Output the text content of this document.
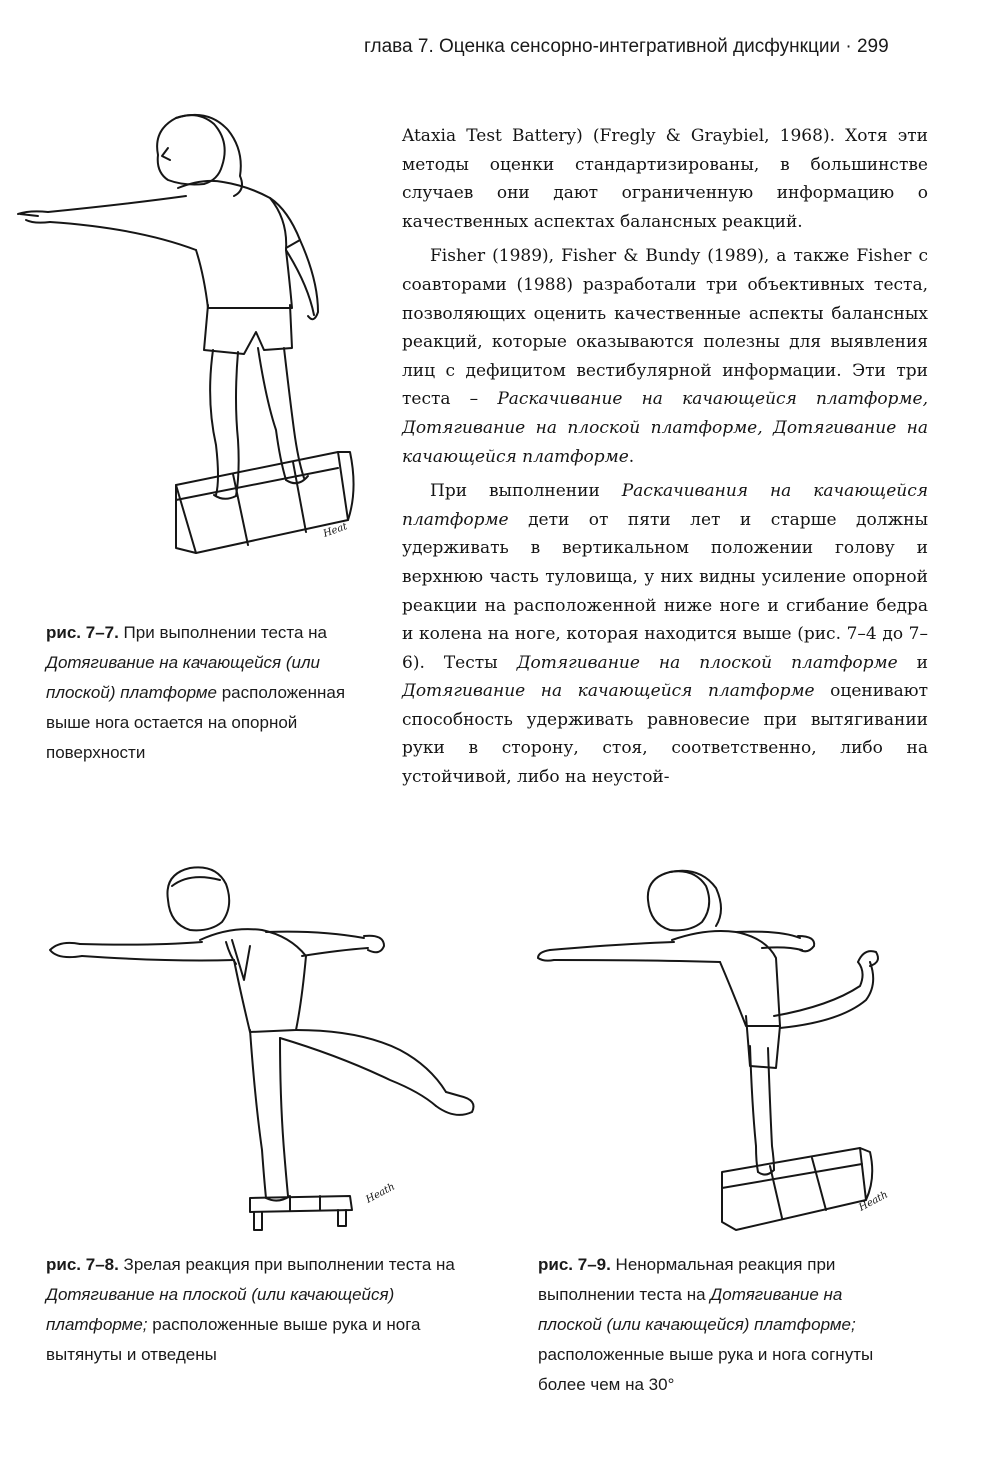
глава 7. Оценка сенсорно-интегративной дисфункции · 299
Heat
рис. 7–7. При выполнении теста на Дотягивание на качающейся (или плоской) платформе расположенная выше нога остается на опорной поверхности

Ataxia Test Battery) (Fregly & Graybiel, 1968). Хотя эти методы оценки стандартизированы, в большинстве случаев они дают ограниченную информацию о качественных аспектах балансных реакций.

Fisher (1989), Fisher & Bundy (1989), а также Fisher с соавторами (1988) разработали три объективных теста, позволяющих оценить качественные аспекты балансных реакций, которые оказываются полезны для выявления лиц с дефицитом вестибулярной информации. Эти три теста – Раскачивание на качающейся платформе, Дотягивание на плоской платформе, Дотягивание на качающейся платформе.

При выполнении Раскачивания на качающейся платформе дети от пяти лет и старше должны удерживать в вертикальном положении голову и верхнюю часть туловища, у них видны усиление опорной реакции на расположенной ниже ноге и сгибание бедра и колена на ноге, которая находится выше (рис. 7–4 до 7–6). Тесты Дотягивание на плоской платформе и Дотягивание на качающейся платформе оценивают способность удерживать равновесие при вытягивании руки в сторону, стоя, соответственно, либо на устойчивой, либо на неустой-

Heath	Heath
рис. 7–8. Зрелая реакция при выполнении теста на Дотягивание на плоской (или качающейся) платформе; расположенные выше рука и нога вытянуты и отведены
рис. 7–9. Ненормальная реакция при выполнении теста на Дотягивание на плоской (или качающейся) платформе; расположенные выше рука и нога согнуты более чем на 30°
